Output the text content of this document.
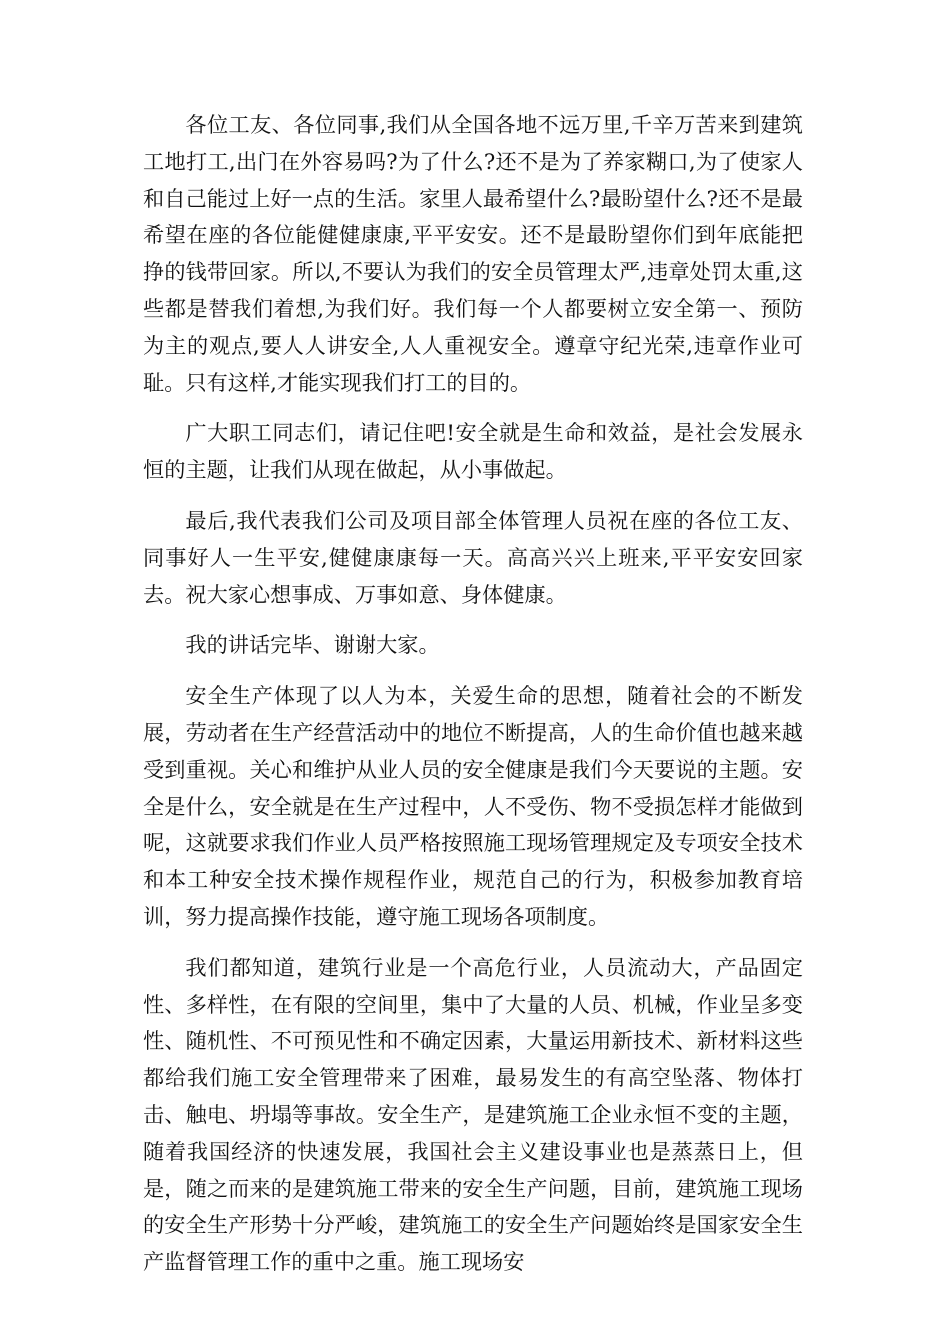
各位工友、各位同事,我们从全国各地不远万里,千辛万苦来到建筑工地打工,出门在外容易吗?为了什么?还不是为了养家糊口,为了使家人和自己能过上好一点的生活。家里人最希望什么?最盼望什么?还不是最希望在座的各位能健健康康,平平安安。还不是最盼望你们到年底能把挣的钱带回家。所以,不要认为我们的安全员管理太严,违章处罚太重,这些都是替我们着想,为我们好。我们每一个人都要树立安全第一、预防为主的观点,要人人讲安全,人人重视安全。遵章守纪光荣,违章作业可耻。只有这样,才能实现我们打工的目的。

广大职工同志们，请记住吧!安全就是生命和效益，是社会发展永恒的主题，让我们从现在做起，从小事做起。

最后,我代表我们公司及项目部全体管理人员祝在座的各位工友、同事好人一生平安,健健康康每一天。高高兴兴上班来,平平安安回家去。祝大家心想事成、万事如意、身体健康。

我的讲话完毕、谢谢大家。

安全生产体现了以人为本，关爱生命的思想，随着社会的不断发展，劳动者在生产经营活动中的地位不断提高，人的生命价值也越来越受到重视。关心和维护从业人员的安全健康是我们今天要说的主题。安全是什么，安全就是在生产过程中，人不受伤、物不受损怎样才能做到呢，这就要求我们作业人员严格按照施工现场管理规定及专项安全技术和本工种安全技术操作规程作业，规范自己的行为，积极参加教育培训，努力提高操作技能，遵守施工现场各项制度。

我们都知道，建筑行业是一个高危行业，人员流动大，产品固定性、多样性，在有限的空间里，集中了大量的人员、机械，作业呈多变性、随机性、不可预见性和不确定因素，大量运用新技术、新材料这些都给我们施工安全管理带来了困难，最易发生的有高空坠落、物体打击、触电、坍塌等事故。安全生产，是建筑施工企业永恒不变的主题，随着我国经济的快速发展，我国社会主义建设事业也是蒸蒸日上，但是，随之而来的是建筑施工带来的安全生产问题，目前，建筑施工现场的安全生产形势十分严峻，建筑施工的安全生产问题始终是国家安全生产监督管理工作的重中之重。施工现场安
